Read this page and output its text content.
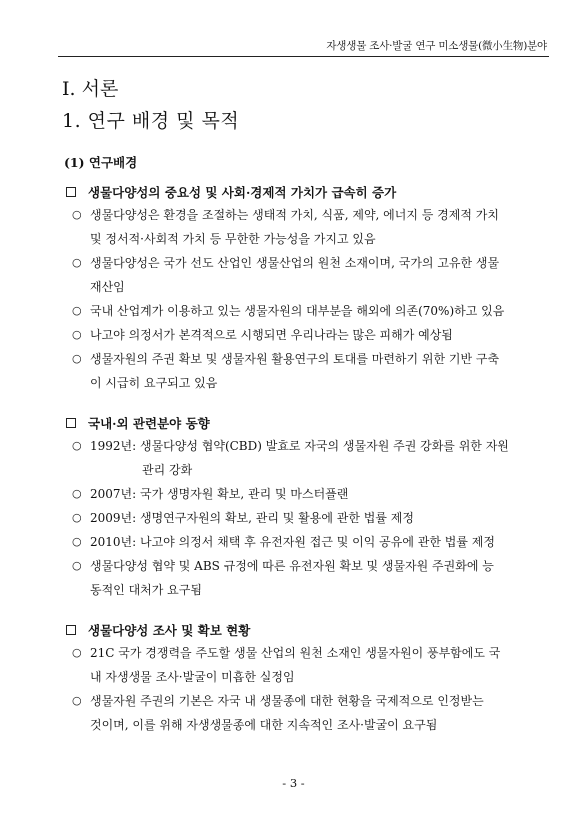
자생생물 조사·발굴 연구 미소생물(微小生物)분야
Ⅰ. 서론
1. 연구 배경 및 목적
(1) 연구배경
생물다양성의 중요성 및 사회·경제적 가치가 급속히 증가
○ 생물다양성은 환경을 조절하는 생태적 가치, 식품, 제약, 에너지 등 경제적 가치
및 정서적·사회적 가치 등 무한한 가능성을 가지고 있음
○ 생물다양성은 국가 선도 산업인 생물산업의 원천 소재이며, 국가의 고유한 생물
재산임
○ 국내 산업계가 이용하고 있는 생물자원의 대부분을 해외에 의존(70%)하고 있음
○ 나고야 의정서가 본격적으로 시행되면 우리나라는 많은 피해가 예상됨
○ 생물자원의 주권 확보 및 생물자원 활용연구의 토대를 마련하기 위한 기반 구축
이 시급히 요구되고 있음
국내·외 관련분야 동향
○ 1992년: 생물다양성 협약(CBD) 발효로 자국의 생물자원 주권 강화를 위한 자원
관리 강화
○ 2007년: 국가 생명자원 확보, 관리 및 마스터플랜
○ 2009년: 생명연구자원의 확보, 관리 및 활용에 관한 법률 제정
○ 2010년: 나고야 의정서 채택 후 유전자원 접근 및 이익 공유에 관한 법률 제정
○ 생물다양성 협약 및 ABS 규정에 따른 유전자원 확보 및 생물자원 주권화에 능
동적인 대처가 요구됨
생물다양성 조사 및 확보 현황
○ 21C 국가 경쟁력을 주도할 생물 산업의 원천 소재인 생물자원이 풍부함에도 국
내 자생생물 조사·발굴이 미흡한 실정임
○ 생물자원 주권의 기본은 자국 내 생물종에 대한 현황을 국제적으로 인정받는
것이며, 이를 위해 자생생물종에 대한 지속적인 조사·발굴이 요구됨
- 3 -
